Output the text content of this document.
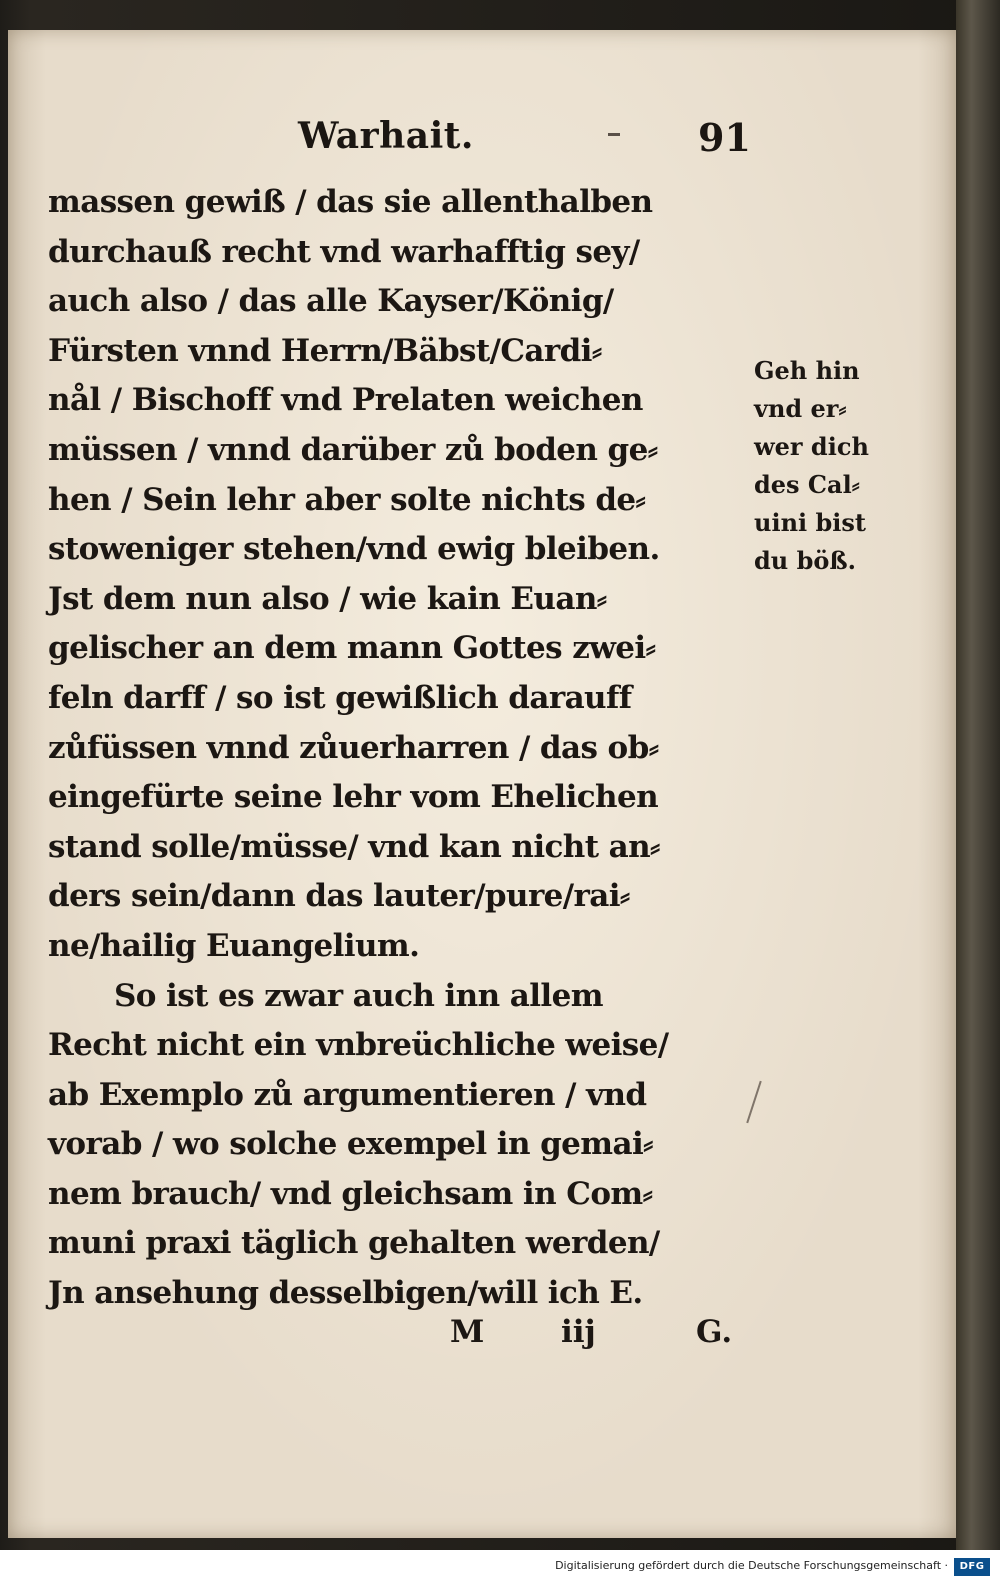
Warhait.	91
massen gewiß / das sie allenthalben
durchauß recht vnd warhafftig sey/
auch also / das alle Kayser/König/
Fürsten vnnd Herrn/Bäbst/Cardi⸗
nål / Bischoff vnd Prelaten weichen
müssen / vnnd darüber zů boden ge⸗
hen / Sein lehr aber solte nichts de⸗
stoweniger stehen/vnd ewig bleiben.
Jst dem nun also / wie kain Euan⸗
gelischer an dem mann Gottes zwei⸗
feln darff / so ist gewißlich darauff
zůfüssen vnnd zůuerharren / das ob⸗
eingefürte seine lehr vom Ehelichen
stand solle/müsse/ vnd kan nicht an⸗
ders sein/dann das lauter/pure/rai⸗
ne/hailig Euangelium.
So ist es zwar auch inn allem
Recht nicht ein vnbreüchliche weise/
ab Exemplo zů argumentieren / vnd
vorab / wo solche exempel in gemai⸗
nem brauch/ vnd gleichsam in Com⸗
muni praxi täglich gehalten werden/
Jn ansehung desselbigen/will ich E.
Geh hin
vnd er⸗
wer dich
des Cal⸗
uini bist
du böß.
M iij	G.
Digitalisierung gefördert durch die Deutsche Forschungsgemeinschaft ·	DFG
